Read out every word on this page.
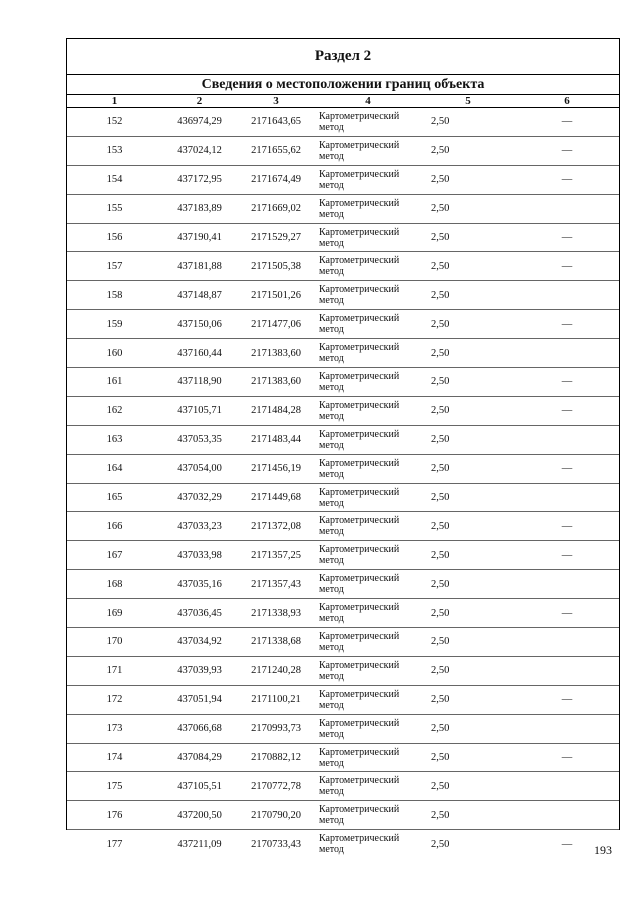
Раздел 2
Сведения о местоположении границ объекта
1	2	3	4	5	6
152	436974,29	2171643,65	Картометрический метод	2,50	—
153	437024,12	2171655,62	Картометрический метод	2,50	—
154	437172,95	2171674,49	Картометрический метод	2,50	—
155	437183,89	2171669,02	Картометрический метод	2,50	
156	437190,41	2171529,27	Картометрический метод	2,50	—
157	437181,88	2171505,38	Картометрический метод	2,50	—
158	437148,87	2171501,26	Картометрический метод	2,50	
159	437150,06	2171477,06	Картометрический метод	2,50	—
160	437160,44	2171383,60	Картометрический метод	2,50	
161	437118,90	2171383,60	Картометрический метод	2,50	—
162	437105,71	2171484,28	Картометрический метод	2,50	—
163	437053,35	2171483,44	Картометрический метод	2,50	
164	437054,00	2171456,19	Картометрический метод	2,50	—
165	437032,29	2171449,68	Картометрический метод	2,50	
166	437033,23	2171372,08	Картометрический метод	2,50	—
167	437033,98	2171357,25	Картометрический метод	2,50	—
168	437035,16	2171357,43	Картометрический метод	2,50	
169	437036,45	2171338,93	Картометрический метод	2,50	—
170	437034,92	2171338,68	Картометрический метод	2,50	
171	437039,93	2171240,28	Картометрический метод	2,50	
172	437051,94	2171100,21	Картометрический метод	2,50	—
173	437066,68	2170993,73	Картометрический метод	2,50	
174	437084,29	2170882,12	Картометрический метод	2,50	—
175	437105,51	2170772,78	Картометрический метод	2,50	
176	437200,50	2170790,20	Картометрический метод	2,50	
177	437211,09	2170733,43	Картометрический метод	2,50	— 193
